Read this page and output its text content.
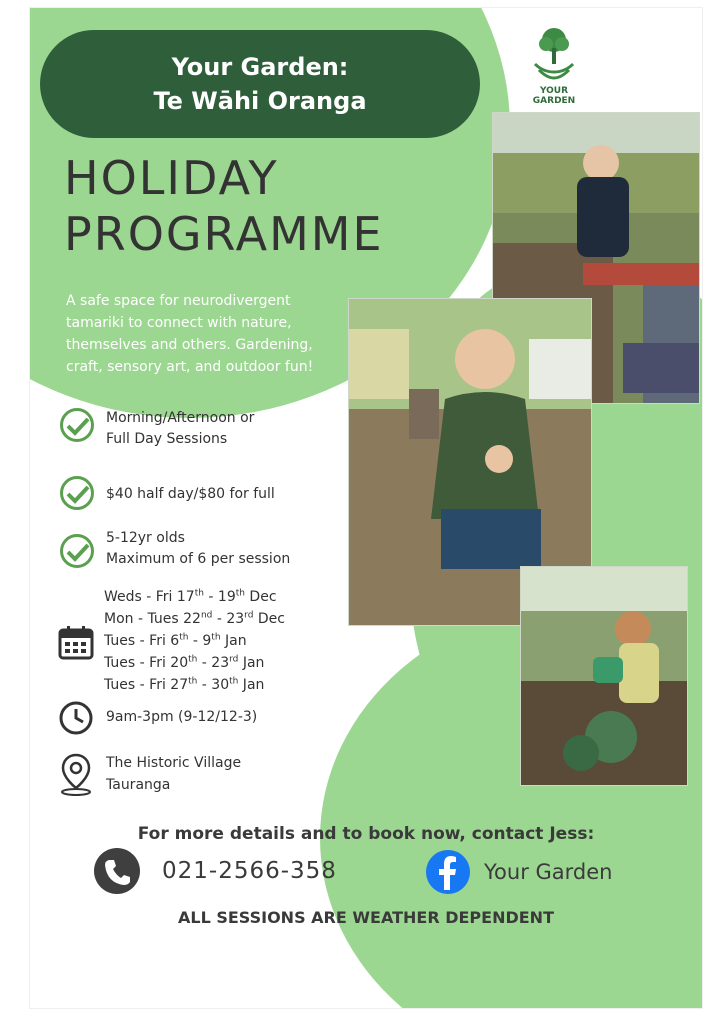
Your Garden:
Te Wāhi Oranga
HOLIDAY
PROGRAMME
YOUR
GARDEN
A safe space for neurodivergent tamariki to connect with nature, themselves and others. Gardening, craft, sensory art, and outdoor fun!
Morning/Afternoon or
Full Day Sessions
$40 half day/$80 for full
5-12yr olds
Maximum of 6 per session
Weds - Fri 17th - 19th Dec
Mon - Tues 22nd - 23rd Dec
Tues - Fri 6th - 9th Jan
Tues - Fri 20th - 23rd Jan
Tues - Fri 27th - 30th Jan
9am-3pm (9-12/12-3)
The Historic Village
Tauranga
For more details and to book now, contact Jess:
021-2566-358	Your Garden
ALL SESSIONS ARE WEATHER DEPENDENT
